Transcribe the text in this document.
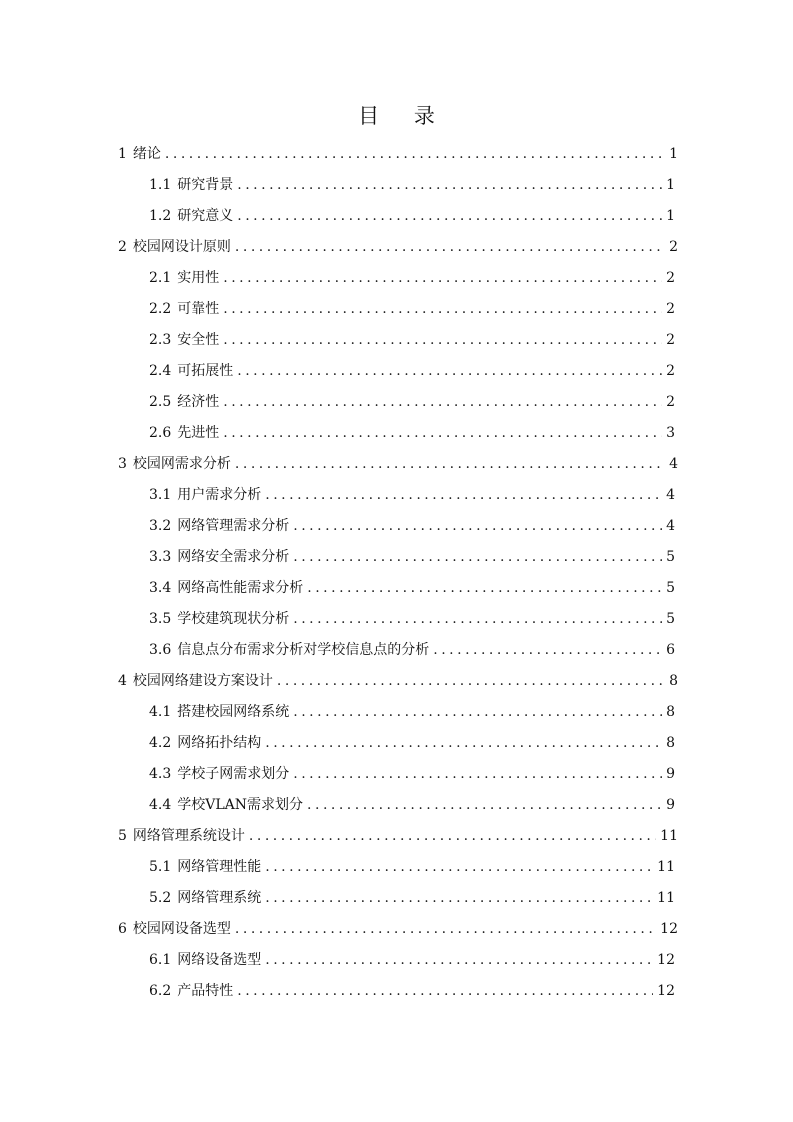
目 录
1 绪论 .....	1
1.1 研究背景 .....	1
1.2 研究意义 .....	1
2 校园网设计原则 .....	2
2.1 实用性 .....	2
2.2 可靠性 .....	2
2.3 安全性 .....	2
2.4 可拓展性 .....	2
2.5 经济性 .....	2
2.6 先进性 .....	3
3 校园网需求分析 .....	4
3.1 用户需求分析 .....	4
3.2 网络管理需求分析 .....	4
3.3 网络安全需求分析 .....	5
3.4 网络高性能需求分析 .....	5
3.5 学校建筑现状分析 .....	5
3.6 信息点分布需求分析对学校信息点的分析 .....	6
4 校园网络建设方案设计 .....	8
4.1 搭建校园网络系统 .....	8
4.2 网络拓扑结构 .....	8
4.3 学校子网需求划分 .....	9
4.4 学校VLAN需求划分 .....	9
5 网络管理系统设计 .....	11
5.1 网络管理性能 .....	11
5.2 网络管理系统 .....	11
6 校园网设备选型 .....	12
6.1 网络设备选型 .....	12
6.2 产品特性 .....	12
